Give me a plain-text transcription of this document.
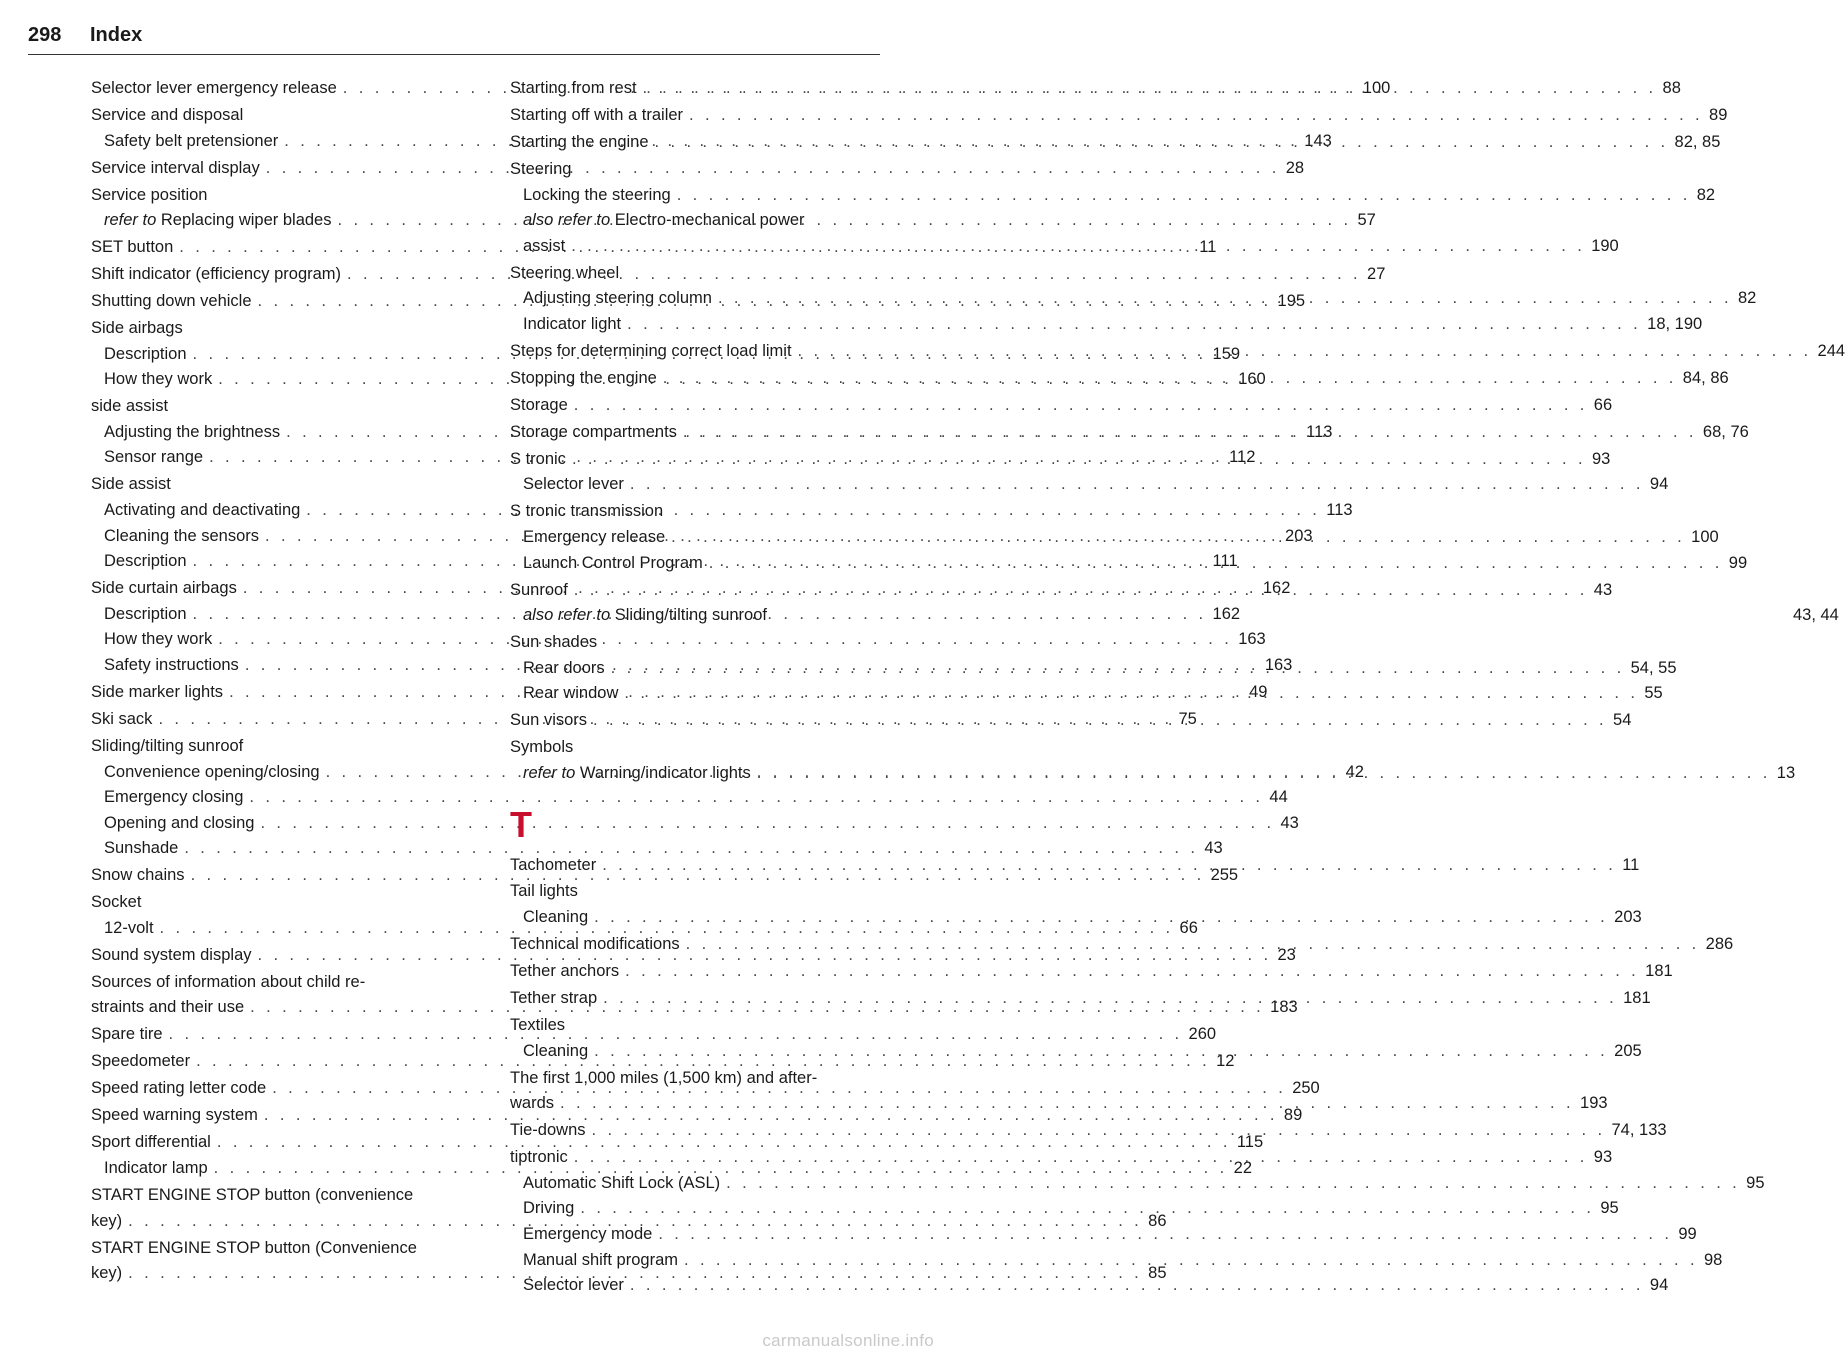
298 Index
Selector lever emergency release . . .	100
Service and disposal
Safety belt pretensioner . . .	143
Service interval display . . .	28
Service position
refer to Replacing wiper blades . . .	57
SET button . . .	11
Shift indicator (efficiency program) . . .	27
Shutting down vehicle . . .	195
Side airbags
Description . . .	159
How they work . . .	160
side assist
Adjusting the brightness . . .	113
Sensor range . . .	112
Side assist
Activating and deactivating . . .	113
Cleaning the sensors . . .	203
Description . . .	111
Side curtain airbags . . .	162
Description . . .	162
How they work . . .	163
Safety instructions . . .	163
Side marker lights . . .	49
Ski sack . . .	75
Sliding/tilting sunroof
Convenience opening/closing . . .	42
Emergency closing . . .	44
Opening and closing . . .	43
Sunshade . . .	43
Snow chains . . .	255
Socket
12-volt . . .	66
Sound system display . . .	23
Sources of information about child re-
straints and their use . . .	183
Spare tire . . .	260
Speedometer . . .	12
Speed rating letter code . . .	250
Speed warning system . . .	89
Sport differential . . .	115
Indicator lamp . . .	22
START ENGINE STOP button (convenience
key) . . .	86
START ENGINE STOP button (Convenience
key) . . .	85
Starting from rest . . .	88
Starting off with a trailer . . .	89
Starting the engine . . .	82, 85
Steering
Locking the steering . . .	82
also refer to Electro-mechanical power
assist . . .	190
Steering wheel
Adjusting steering column . . .	82
Indicator light . . .	18, 190
Steps for determining correct load limit . . .	244
Stopping the engine . . .	84, 86
Storage . . .	66
Storage compartments . . .	68, 76
S tronic . . .	93
Selector lever . . .	94
S tronic transmission
Emergency release . . .	100
Launch Control Program . . .	99
Sunroof . . .	43
also refer to Sliding/tilting sunroof	43, 44
Sun shades
Rear doors . . .	54, 55
Rear window . . .	55
Sun visors . . .	54
Symbols
refer to Warning/indicator lights . . .	13
T
Tachometer . . .	11
Tail lights
Cleaning . . .	203
Technical modifications . . .	286
Tether anchors . . .	181
Tether strap . . .	181
Textiles
Cleaning . . .	205
The first 1,000 miles (1,500 km) and after-
wards . . .	193
Tie-downs . . .	74, 133
tiptronic . . .	93
Automatic Shift Lock (ASL) . . .	95
Driving . . .	95
Emergency mode . . .	99
Manual shift program . . .	98
Selector lever . . .	94
carmanualsonline.info
